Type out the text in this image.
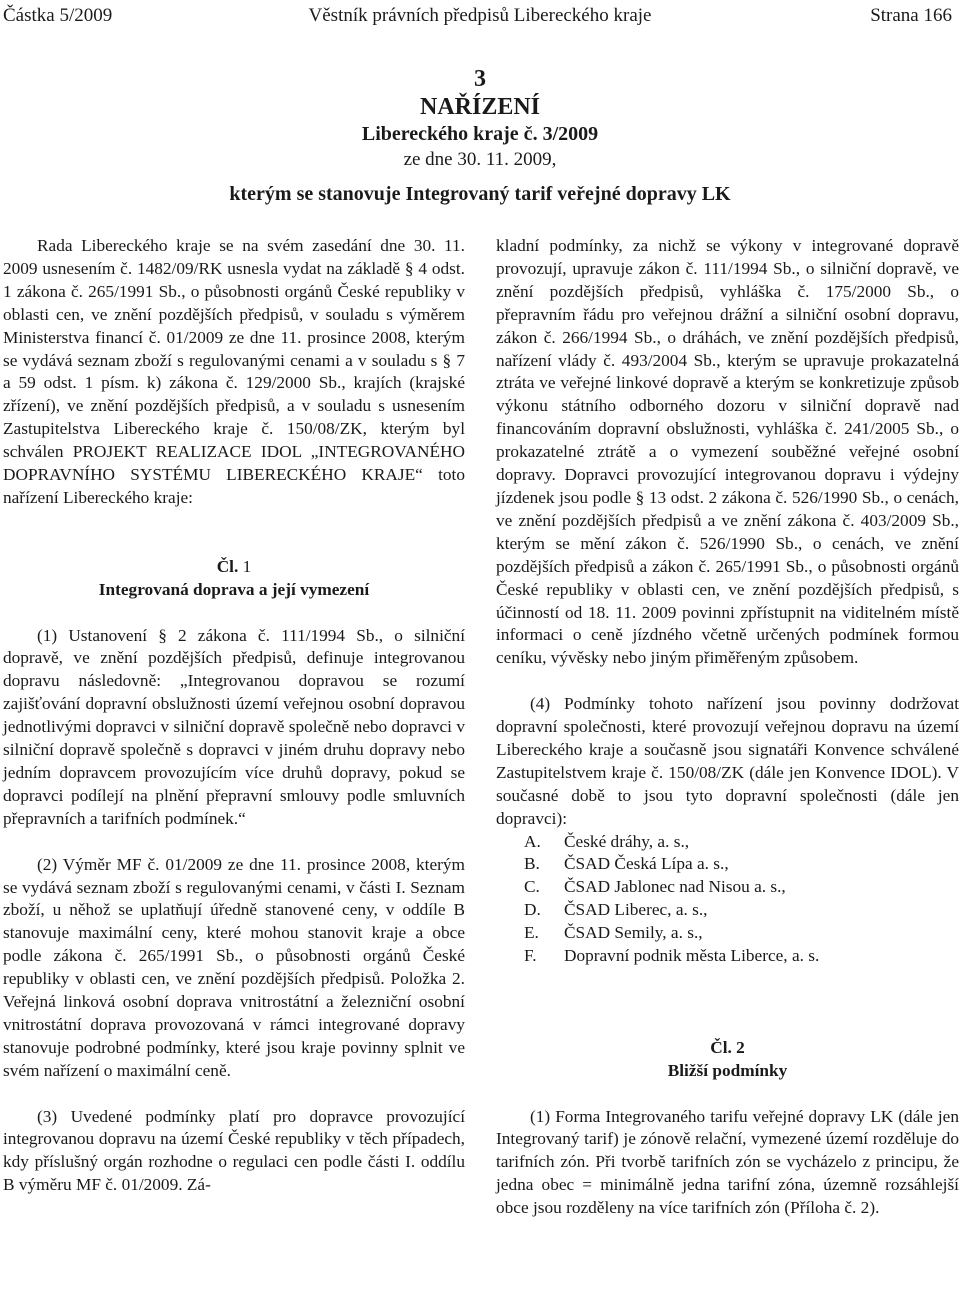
Částka 5/2009	Věstník právních předpisů Libereckého kraje	Strana 166
3
NAŘÍZENÍ
Libereckého kraje č. 3/2009
ze dne 30. 11. 2009,
kterým se stanovuje Integrovaný tarif veřejné dopravy LK

Rada Libereckého kraje se na svém zasedání dne 30. 11. 2009 usnesením č. 1482/09/RK usnesla vydat na základě § 4 odst. 1 zákona č. 265/1991 Sb., o působnosti orgánů České republiky v oblasti cen, ve znění pozdějších předpisů, v souladu s výměrem Ministerstva financí č. 01/2009 ze dne 11. prosince 2008, kterým se vydává seznam zboží s regulovanými cenami a v souladu s § 7 a 59 odst. 1 písm. k) zákona č. 129/2000 Sb., krajích (krajské zřízení), ve znění pozdějších předpisů, a v souladu s usnesením Zastupitelstva Libereckého kraje č. 150/08/ZK, kterým byl schválen PROJEKT REALIZACE IDOL „INTEGROVANÉHO DOPRAVNÍHO SYSTÉMU LIBERECKÉHO KRAJE“ toto nařízení Libereckého kraje:

Čl. 1
Integrovaná doprava a její vymezení

(1) Ustanovení § 2 zákona č. 111/1994 Sb., o silniční dopravě, ve znění pozdějších předpisů, definuje integrovanou dopravu následovně: „Integrovanou dopravou se rozumí zajišťování dopravní obslužnosti území veřejnou osobní dopravou jednotlivými dopravci v silniční dopravě společně nebo dopravci v silniční dopravě společně s dopravci v jiném druhu dopravy nebo jedním dopravcem provozujícím více druhů dopravy, pokud se dopravci podílejí na plnění přepravní smlouvy podle smluvních přepravních a tarifních podmínek.“

(2) Výměr MF č. 01/2009 ze dne 11. prosince 2008, kterým se vydává seznam zboží s regulovanými cenami, v části I. Seznam zboží, u něhož se uplatňují úředně stanovené ceny, v oddíle B stanovuje maximální ceny, které mohou stanovit kraje a obce podle zákona č. 265/1991 Sb., o působnosti orgánů České republiky v oblasti cen, ve znění pozdějších předpisů. Položka 2. Veřejná linková osobní doprava vnitrostátní a železniční osobní vnitrostátní doprava provozovaná v rámci integrované dopravy stanovuje podrobné podmínky, které jsou kraje povinny splnit ve svém nařízení o maximální ceně.

(3) Uvedené podmínky platí pro dopravce provozující integrovanou dopravu na území České republiky v těch případech, kdy příslušný orgán rozhodne o regulaci cen podle části I. oddílu B výměru MF č. 01/2009. Zá-

kladní podmínky, za nichž se výkony v integrované dopravě provozují, upravuje zákon č. 111/1994 Sb., o silniční dopravě, ve znění pozdějších předpisů, vyhláška č. 175/2000 Sb., o přepravním řádu pro veřejnou drážní a silniční osobní dopravu, zákon č. 266/1994 Sb., o dráhách, ve znění pozdějších předpisů, nařízení vlády č. 493/2004 Sb., kterým se upravuje prokazatelná ztráta ve veřejné linkové dopravě a kterým se konkretizuje způsob výkonu státního odborného dozoru v silniční dopravě nad financováním dopravní obslužnosti, vyhláška č. 241/2005 Sb., o prokazatelné ztrátě a o vymezení souběžné veřejné osobní dopravy. Dopravci provozující integrovanou dopravu i výdejny jízdenek jsou podle § 13 odst. 2 zákona č. 526/1990 Sb., o cenách, ve znění pozdějších předpisů a ve znění zákona č. 403/2009 Sb., kterým se mění zákon č. 526/1990 Sb., o cenách, ve znění pozdějších předpisů a zákon č. 265/1991 Sb., o působnosti orgánů České republiky v oblasti cen, ve znění pozdějších předpisů, s účinností od 18. 11. 2009 povinni zpřístupnit na viditelném místě informaci o ceně jízdného včetně určených podmínek formou ceníku, vývěsky nebo jiným přiměřeným způsobem.

(4) Podmínky tohoto nařízení jsou povinny dodržovat dopravní společnosti, které provozují veřejnou dopravu na území Libereckého kraje a současně jsou signatáři Konvence schválené Zastupitelstvem kraje č. 150/08/ZK (dále jen Konvence IDOL). V současné době to jsou tyto dopravní společnosti (dále jen dopravci):

A.	České dráhy, a. s.,
B.	ČSAD Česká Lípa a. s.,
C.	ČSAD Jablonec nad Nisou a. s.,
D.	ČSAD Liberec, a. s.,
E.	ČSAD Semily, a. s.,
F.	Dopravní podnik města Liberce, a. s.
Čl. 2
Bližší podmínky

(1) Forma Integrovaného tarifu veřejné dopravy LK (dále jen Integrovaný tarif) je zónově relační, vymezené území rozděluje do tarifních zón. Při tvorbě tarifních zón se vycházelo z principu, že jedna obec = minimálně jedna tarifní zóna, územně rozsáhlejší obce jsou rozděleny na více tarifních zón (Příloha č. 2).
